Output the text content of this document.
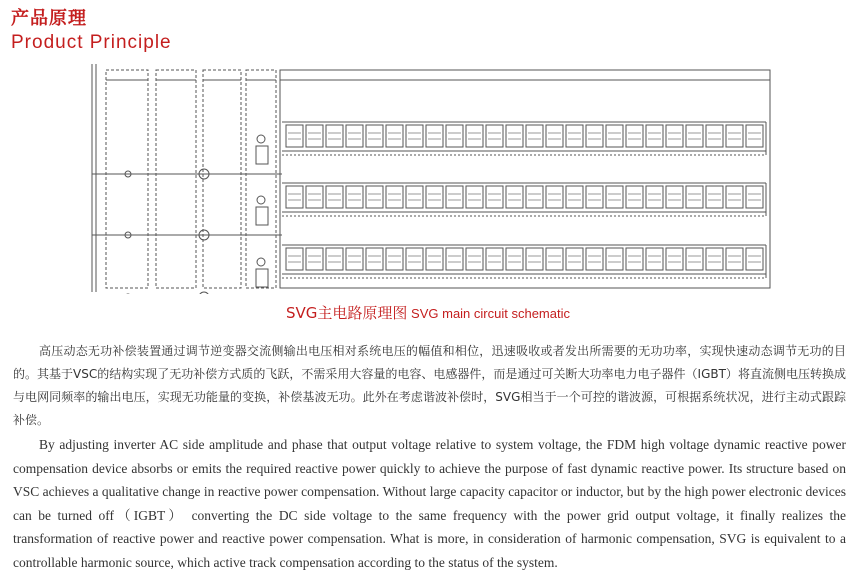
产品原理
Product Principle
SVG主电路原理图 SVG main circuit schematic

高压动态无功补偿装置通过调节逆变器交流侧输出电压相对系统电压的幅值和相位，迅速吸收或者发出所需要的无功功率，实现快速动态调节无功的目的。其基于VSC的结构实现了无功补偿方式质的飞跃，不需采用大容量的电容、电感器件，而是通过可关断大功率电力电子器件（IGBT）将直流侧电压转换成与电网同频率的输出电压，实现无功能量的变换，补偿基波无功。此外在考虑谐波补偿时，SVG相当于一个可控的谐波源，可根据系统状况，进行主动式跟踪补偿。

By adjusting inverter AC side amplitude and phase that output voltage relative to system voltage, the FDM high voltage dynamic reactive power compensation device absorbs or emits the required reactive power quickly to achieve the purpose of fast dynamic reactive power. Its structure based on VSC achieves a qualitative change in reactive power compensation. Without large capacity capacitor or inductor, but by the high power electronic devices can be turned off（IGBT） converting the DC side voltage to the same frequency with the power grid output voltage, it finally realizes the transformation of reactive power and reactive power compensation. What is more, in consideration of harmonic compensation, SVG is equivalent to a controllable harmonic source, which active track compensation according to the status of the system.
